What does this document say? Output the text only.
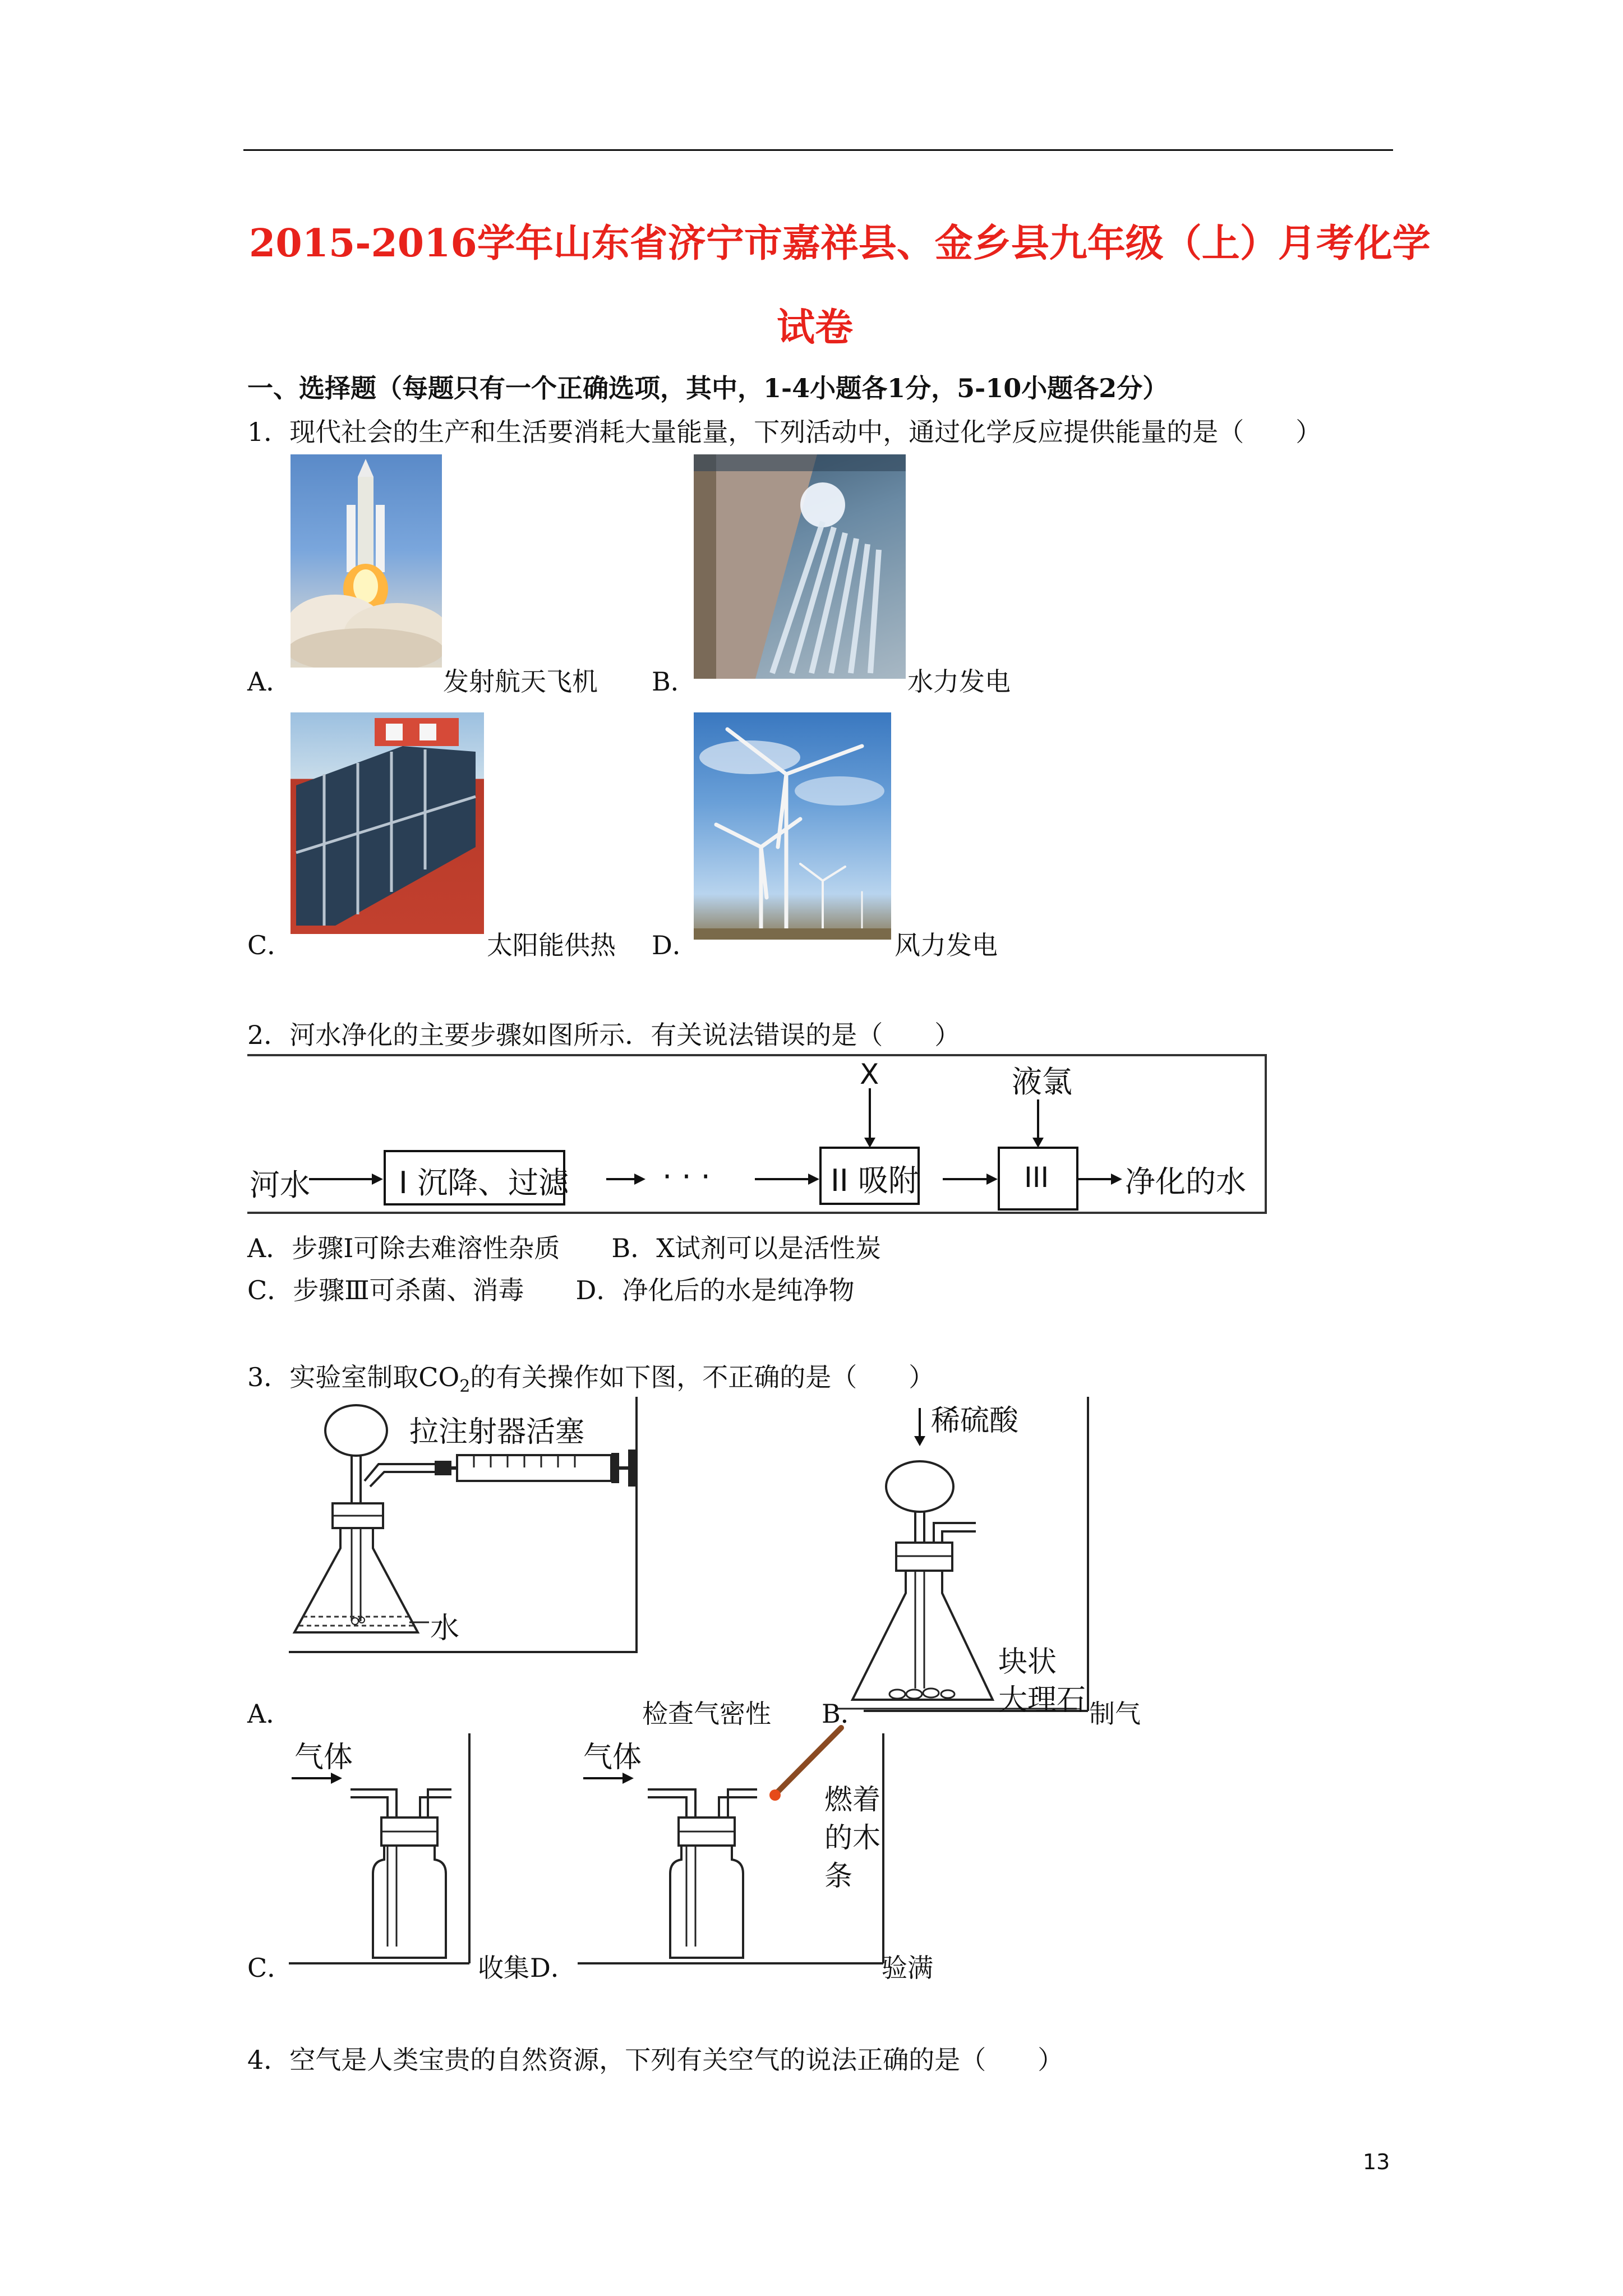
2015-2016学年山东省济宁市嘉祥县、金乡县九年级（上）月考化学
试卷
一、选择题（每题只有一个正确选项，其中，1-4小题各1分，5-10小题各2分）
1．现代社会的生产和生活要消耗大量能量，下列活动中，通过化学反应提供能量的是（　　）
A．	发射航天飞机 B．	水力发电
C．	太阳能供热 D．	风力发电
2．河水净化的主要步骤如图所示．有关说法错误的是（　　）
河水	I 沉降、过滤	· · ·	II 吸附	III
X	液氯
净化的水
A．步骤Ⅰ可除去难溶性杂质　　B．X试剂可以是活性炭
C．步骤Ⅲ可杀菌、消毒　　D．净化后的水是纯净物
3．实验室制取$CO_2$的有关操作如下图，不正确的是（　　）
拉注射器活塞
水
A．	检查气密性
稀硫酸
块状
大理石
B．	制气
气体
C．	收集 D．
气体
燃着
的木
条
验满
4．空气是人类宝贵的自然资源，下列有关空气的说法正确的是（　　）
13
